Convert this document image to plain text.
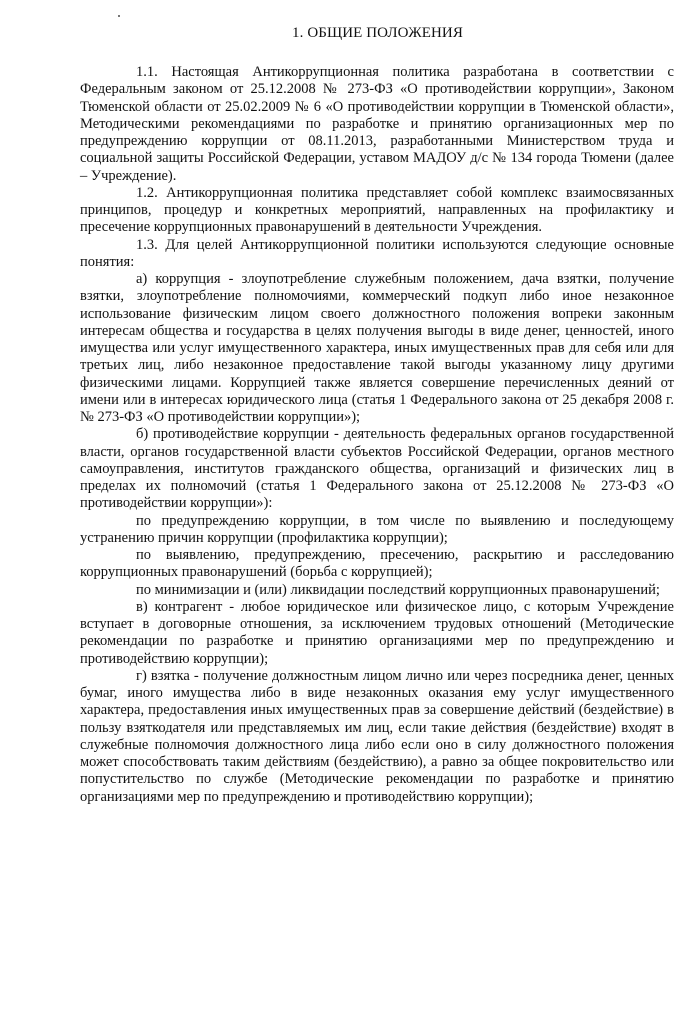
1. ОБЩИЕ ПОЛОЖЕНИЯ

1.1. Настоящая Антикоррупционная политика разработана в соответствии с Федеральным законом от 25.12.2008 № 273-ФЗ «О противодействии коррупции», Законом Тюменской области от 25.02.2009 № 6 «О противодействии коррупции в Тюменской области», Методическими рекомендациями по разработке и принятию организационных мер по предупреждению коррупции от 08.11.2013, разработанными Министерством труда и социальной защиты Российской Федерации, уставом МАДОУ д/с № 134 города Тюмени (далее – Учреждение).

1.2. Антикоррупционная политика представляет собой комплекс взаимосвязанных принципов, процедур и конкретных мероприятий, направленных на профилактику и пресечение коррупционных правонарушений в деятельности Учреждения.

1.3. Для целей Антикоррупционной политики используются следующие основные понятия:

а) коррупция - злоупотребление служебным положением, дача взятки, получение взятки, злоупотребление полномочиями, коммерческий подкуп либо иное незаконное использование физическим лицом своего должностного положения вопреки законным интересам общества и государства в целях получения выгоды в виде денег, ценностей, иного имущества или услуг имущественного характера, иных имущественных прав для себя или для третьих лиц, либо незаконное предоставление такой выгоды указанному лицу другими физическими лицами. Коррупцией также является совершение перечисленных деяний от имени или в интересах юридического лица (статья 1 Федерального закона от 25 декабря 2008 г. № 273-ФЗ «О противодействии коррупции»);

б) противодействие коррупции - деятельность федеральных органов государственной власти, органов государственной власти субъектов Российской Федерации, органов местного самоуправления, институтов гражданского общества, организаций и физических лиц в пределах их полномочий (статья 1 Федерального закона от 25.12.2008 № 273-ФЗ «О противодействии коррупции»):

по предупреждению коррупции, в том числе по выявлению и последующему устранению причин коррупции (профилактика коррупции);

по выявлению, предупреждению, пресечению, раскрытию и расследованию коррупционных правонарушений (борьба с коррупцией);

по минимизации и (или) ликвидации последствий коррупционных правонарушений;

в) контрагент - любое юридическое или физическое лицо, с которым Учреждение вступает в договорные отношения, за исключением трудовых отношений (Методические рекомендации по разработке и принятию организациями мер по предупреждению и противодействию коррупции);

г) взятка - получение должностным лицом лично или через посредника денег, ценных бумаг, иного имущества либо в виде незаконных оказания ему услуг имущественного характера, предоставления иных имущественных прав за совершение действий (бездействие) в пользу взяткодателя или представляемых им лиц, если такие действия (бездействие) входят в служебные полномочия должностного лица либо если оно в силу должностного положения может способствовать таким действиям (бездействию), а равно за общее покровительство или попустительство по службе (Методические рекомендации по разработке и принятию организациями мер по предупреждению и противодействию коррупции);
